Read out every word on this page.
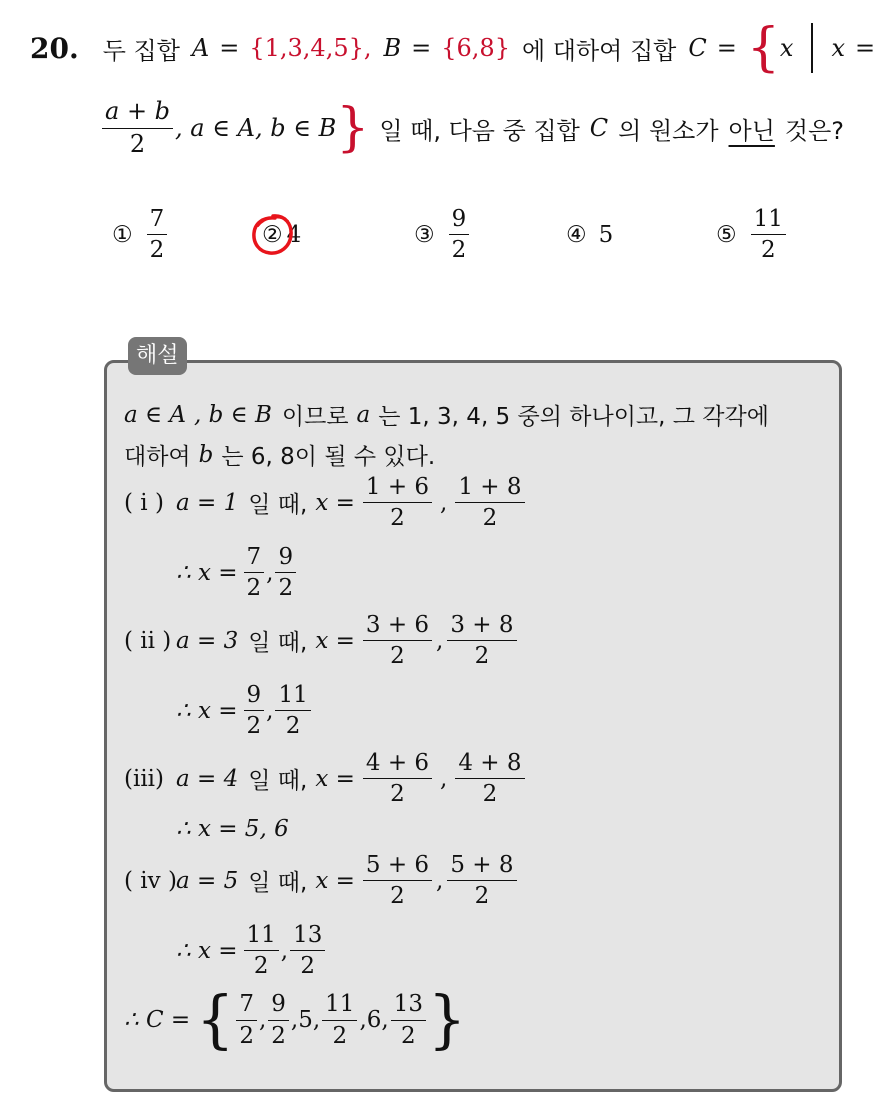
20. 두 집합 A = {1,3,4,5}, B = {6,8} 에 대하여 집합 C = { x x =
$\frac{a + b}{2}$ , a ∈ A, b ∈ B } 일 때, 다음 중 집합 C 의 원소가 아닌 것은?
① $\frac{7}{2}$	② 4	③ $\frac{9}{2}$	④ 5	⑤ $\frac{11}{2}$
해설
a ∈ A , b ∈ B 이므로 a 는 1, 3, 4, 5 중의 하나이고, 그 각각에
대하여 b 는 6, 8이 될 수 있다.
( i ) a = 1 일 때, $x = \frac{1 + 6}{2}$ , $\frac{1 + 8}{2}$
∴ $x = \frac{7}{2}$ , $\frac{9}{2}$
( ii ) a = 3 일 때, $x = \frac{3 + 6}{2}$ , $\frac{3 + 8}{2}$
∴ $x = \frac{9}{2}$ , $\frac{11}{2}$
(iii) a = 4 일 때, $x = \frac{4 + 6}{2}$ , $\frac{4 + 8}{2}$
∴ x = 5, 6
( iv ) a = 5 일 때, $x = \frac{5 + 6}{2}$ , $\frac{5 + 8}{2}$
∴ $x = \frac{11}{2}$ , $\frac{13}{2}$
∴ C = { $\frac{7}{2}$ , $\frac{9}{2}$ , 5 , $\frac{11}{2}$ , 6 , $\frac{13}{2}$ }
